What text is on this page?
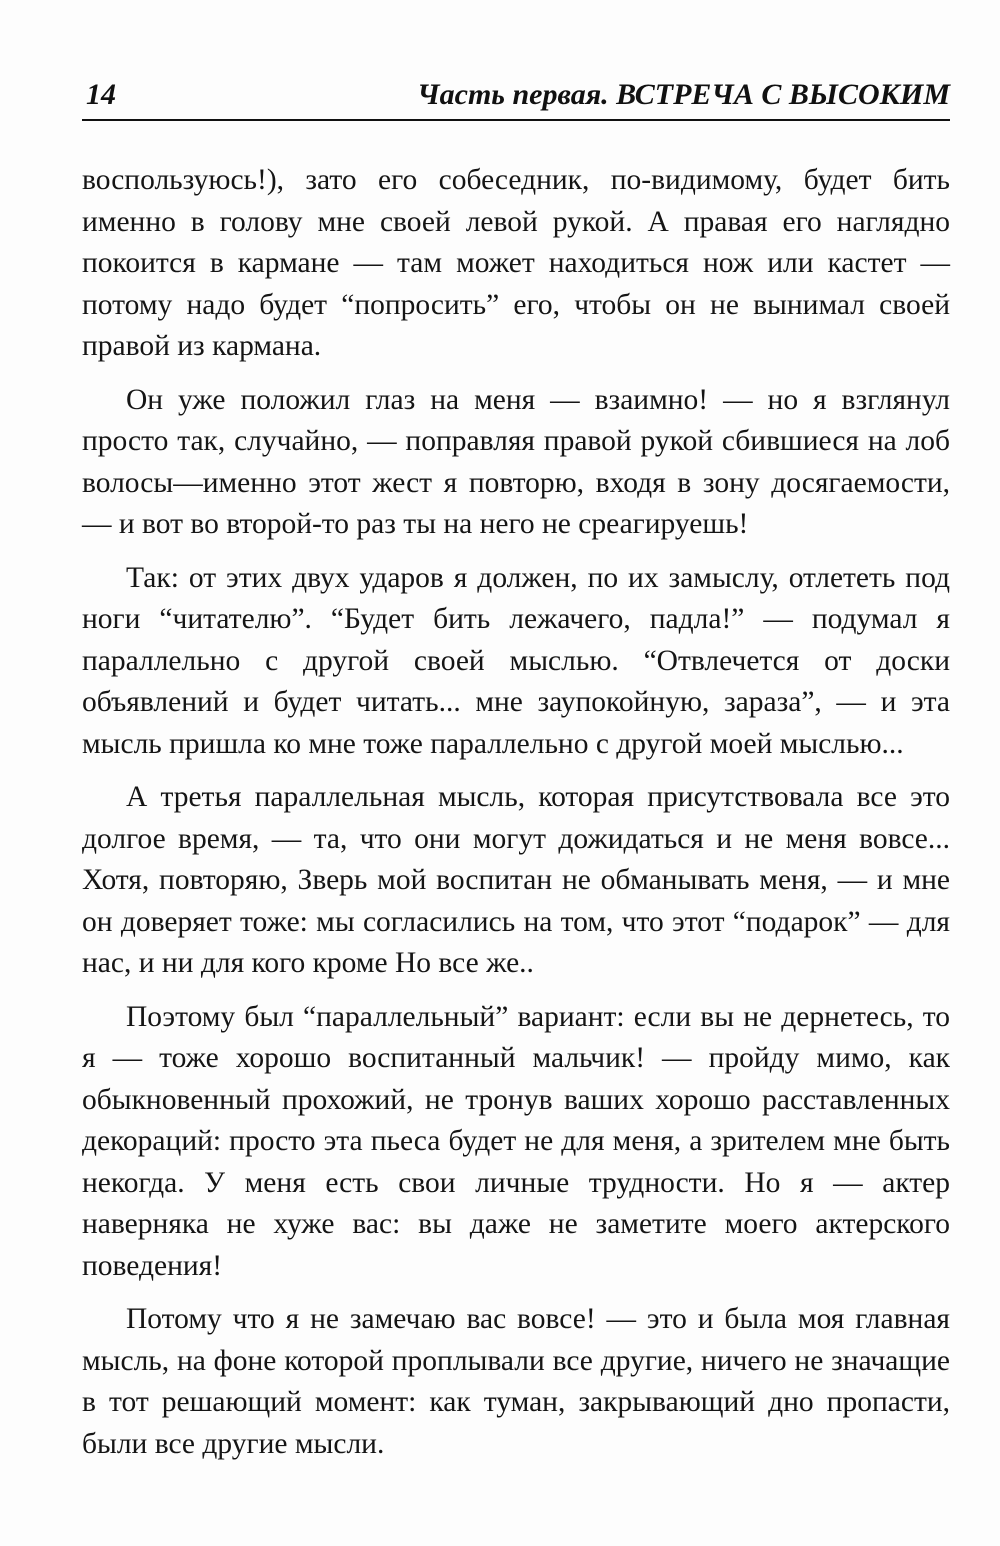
14	Часть первая. ВСТРЕЧА С ВЫСОКИМ

воспользуюсь!), зато его собеседник, по-видимому, будет бить именно в голову мне своей левой рукой. А правая его наглядно покоится в кармане — там может находиться нож или кастет — потому надо будет “попросить” его, чтобы он не вынимал своей правой из кармана.

Он уже положил глаз на меня — взаимно! — но я взглянул просто так, случайно, — поправляя правой рукой сбившиеся на лоб волосы—именно этот жест я повторю, входя в зону досягаемости, — и вот во второй-то раз ты на него не среагируешь!

Так: от этих двух ударов я должен, по их замыслу, отлететь под ноги “читателю”. “Будет бить лежачего, падла!” — подумал я параллельно с другой своей мыслью. “Отвлечется от доски объявлений и будет читать... мне заупокойную, зараза”, — и эта мысль пришла ко мне тоже параллельно с другой моей мыслью...

А третья параллельная мысль, которая присутствовала все это долгое время, — та, что они могут дожидаться и не меня вовсе... Хотя, повторяю, Зверь мой воспитан не обманывать меня, — и мне он доверяет тоже: мы согласились на том, что этот “подарок” — для нас, и ни для кого кроме Но все же..

Поэтому был “параллельный” вариант: если вы не дернетесь, то я — тоже хорошо воспитанный мальчик! — пройду мимо, как обыкновенный прохожий, не тронув ваших хорошо расставленных декораций: просто эта пьеса будет не для меня, а зрителем мне быть некогда. У меня есть свои личные трудности. Но я — актер наверняка не хуже вас: вы даже не заметите моего актерского поведения!

Потому что я не замечаю вас вовсе! — это и была моя главная мысль, на фоне которой проплывали все другие, ничего не значащие в тот решающий момент: как туман, закрывающий дно пропасти, были все другие мысли.
